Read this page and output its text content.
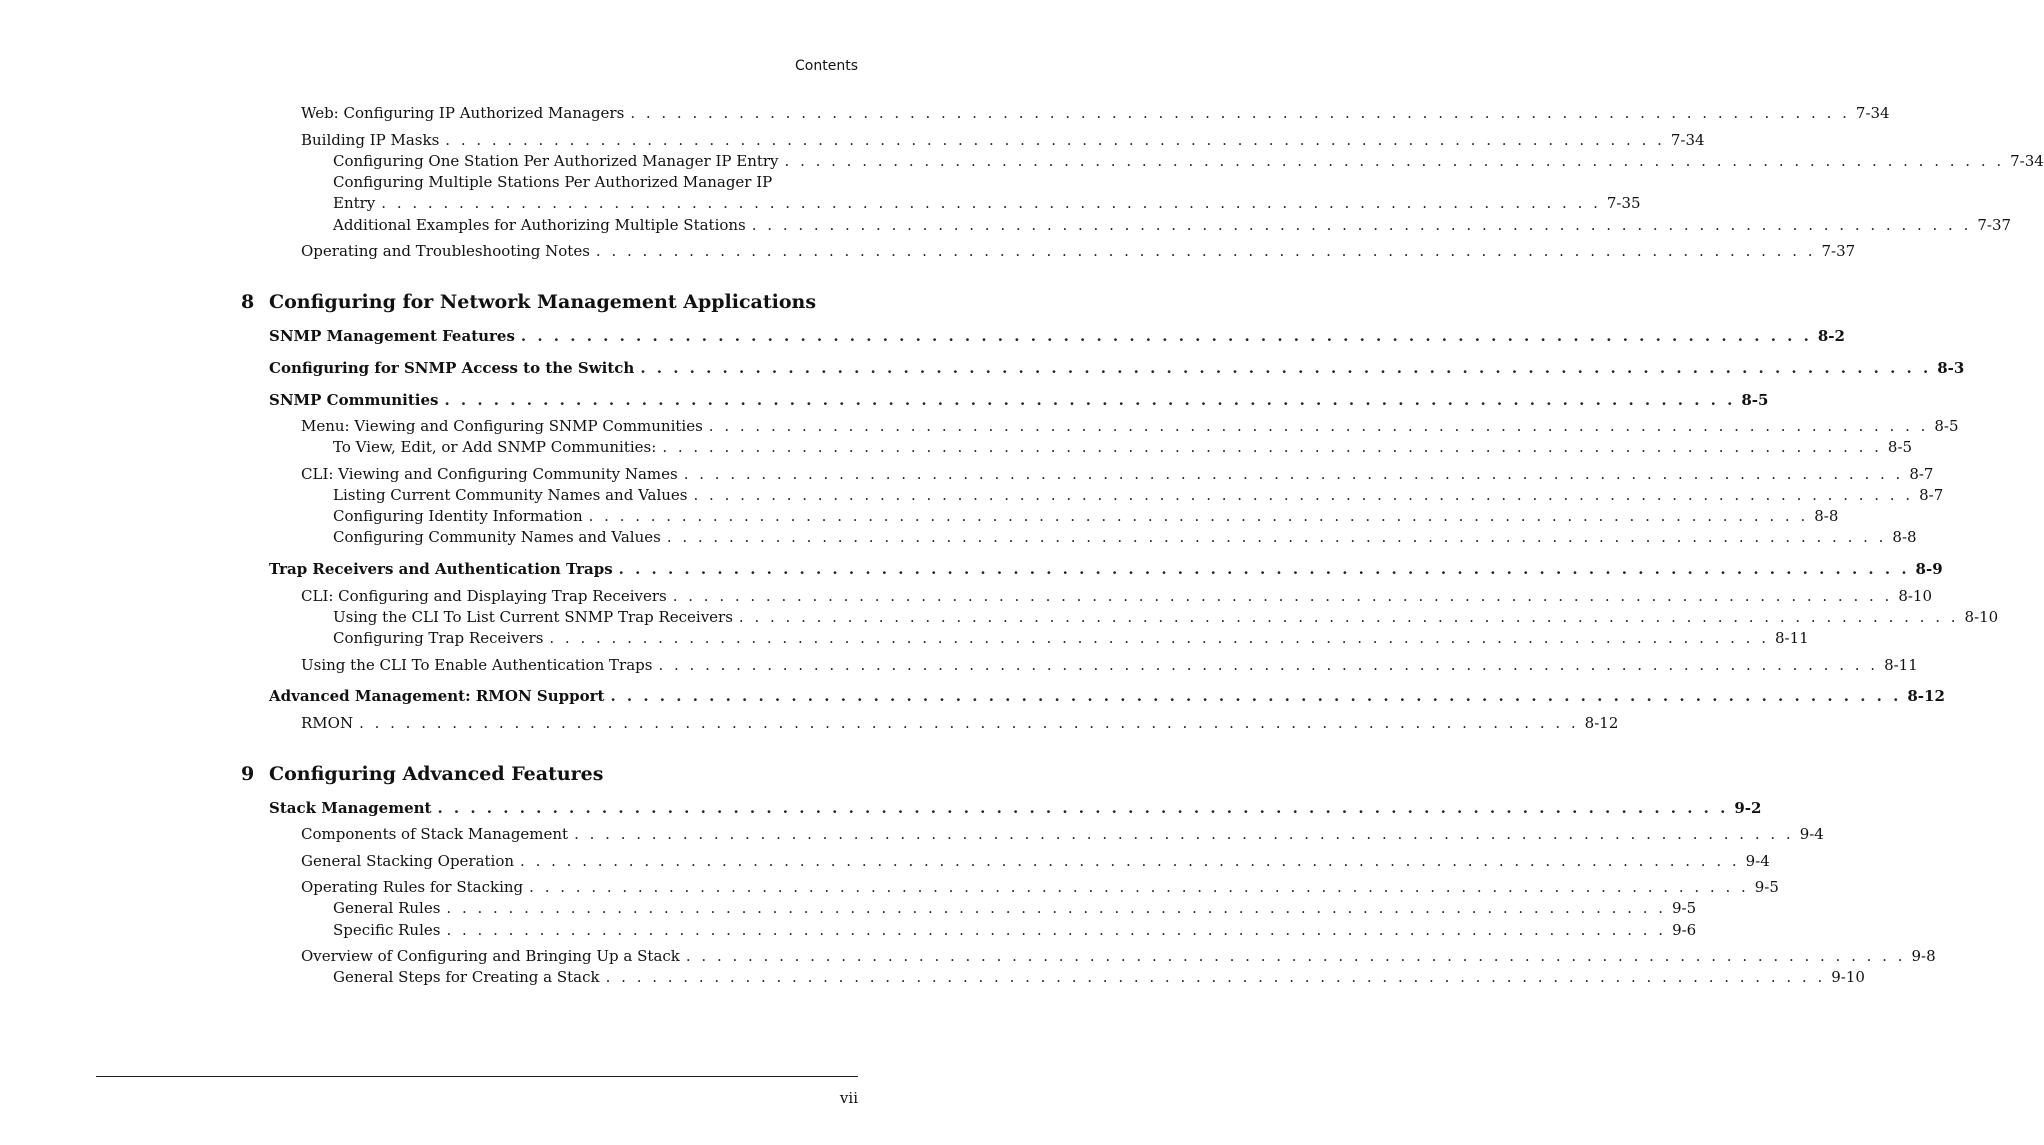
Contents
Web: Configuring IP Authorized Managers . . . . . . . . . . . . . . . . . . . . . . . . . . . . . . . . . . . . . . . . . . . . . . . . . . . . . . . . . . . . . . . . . . . . . . . . . . . . . . . 7-34
Building IP Masks . . . . . . . . . . . . . . . . . . . . . . . . . . . . . . . . . . . . . . . . . . . . . . . . . . . . . . . . . . . . . . . . . . . . . . . . . . . . . . . 7-34
Configuring One Station Per Authorized Manager IP Entry . . . . . . . . . . . . . . . . . . . . . . . . . . . . . . . . . . . . . . . . . . . . . . . . . . . . . . . . . . . . . . . . . . . . . . . . . . . . . . . 7-34
Configuring Multiple Stations Per Authorized Manager IP
Entry . . . . . . . . . . . . . . . . . . . . . . . . . . . . . . . . . . . . . . . . . . . . . . . . . . . . . . . . . . . . . . . . . . . . . . . . . . . . . . . 7-35
Additional Examples for Authorizing Multiple Stations . . . . . . . . . . . . . . . . . . . . . . . . . . . . . . . . . . . . . . . . . . . . . . . . . . . . . . . . . . . . . . . . . . . . . . . . . . . . . . . 7-37
Operating and Troubleshooting Notes . . . . . . . . . . . . . . . . . . . . . . . . . . . . . . . . . . . . . . . . . . . . . . . . . . . . . . . . . . . . . . . . . . . . . . . . . . . . . . . 7-37
8 Configuring for Network Management Applications
SNMP Management Features . . . . . . . . . . . . . . . . . . . . . . . . . . . . . . . . . . . . . . . . . . . . . . . . . . . . . . . . . . . . . . . . . . . . . . . . . . . . . . . 8-2
Configuring for SNMP Access to the Switch . . . . . . . . . . . . . . . . . . . . . . . . . . . . . . . . . . . . . . . . . . . . . . . . . . . . . . . . . . . . . . . . . . . . . . . . . . . . . . . 8-3
SNMP Communities . . . . . . . . . . . . . . . . . . . . . . . . . . . . . . . . . . . . . . . . . . . . . . . . . . . . . . . . . . . . . . . . . . . . . . . . . . . . . . . 8-5
Menu: Viewing and Configuring SNMP Communities . . . . . . . . . . . . . . . . . . . . . . . . . . . . . . . . . . . . . . . . . . . . . . . . . . . . . . . . . . . . . . . . . . . . . . . . . . . . . . . 8-5
To View, Edit, or Add SNMP Communities: . . . . . . . . . . . . . . . . . . . . . . . . . . . . . . . . . . . . . . . . . . . . . . . . . . . . . . . . . . . . . . . . . . . . . . . . . . . . . . . 8-5
CLI: Viewing and Configuring Community Names . . . . . . . . . . . . . . . . . . . . . . . . . . . . . . . . . . . . . . . . . . . . . . . . . . . . . . . . . . . . . . . . . . . . . . . . . . . . . . . 8-7
Listing Current Community Names and Values . . . . . . . . . . . . . . . . . . . . . . . . . . . . . . . . . . . . . . . . . . . . . . . . . . . . . . . . . . . . . . . . . . . . . . . . . . . . . . . 8-7
Configuring Identity Information . . . . . . . . . . . . . . . . . . . . . . . . . . . . . . . . . . . . . . . . . . . . . . . . . . . . . . . . . . . . . . . . . . . . . . . . . . . . . . . 8-8
Configuring Community Names and Values . . . . . . . . . . . . . . . . . . . . . . . . . . . . . . . . . . . . . . . . . . . . . . . . . . . . . . . . . . . . . . . . . . . . . . . . . . . . . . . 8-8
Trap Receivers and Authentication Traps . . . . . . . . . . . . . . . . . . . . . . . . . . . . . . . . . . . . . . . . . . . . . . . . . . . . . . . . . . . . . . . . . . . . . . . . . . . . . . . 8-9
CLI: Configuring and Displaying Trap Receivers . . . . . . . . . . . . . . . . . . . . . . . . . . . . . . . . . . . . . . . . . . . . . . . . . . . . . . . . . . . . . . . . . . . . . . . . . . . . . . . 8-10
Using the CLI To List Current SNMP Trap Receivers . . . . . . . . . . . . . . . . . . . . . . . . . . . . . . . . . . . . . . . . . . . . . . . . . . . . . . . . . . . . . . . . . . . . . . . . . . . . . . . 8-10
Configuring Trap Receivers . . . . . . . . . . . . . . . . . . . . . . . . . . . . . . . . . . . . . . . . . . . . . . . . . . . . . . . . . . . . . . . . . . . . . . . . . . . . . . . 8-11
Using the CLI To Enable Authentication Traps . . . . . . . . . . . . . . . . . . . . . . . . . . . . . . . . . . . . . . . . . . . . . . . . . . . . . . . . . . . . . . . . . . . . . . . . . . . . . . . 8-11
Advanced Management: RMON Support . . . . . . . . . . . . . . . . . . . . . . . . . . . . . . . . . . . . . . . . . . . . . . . . . . . . . . . . . . . . . . . . . . . . . . . . . . . . . . . 8-12
RMON . . . . . . . . . . . . . . . . . . . . . . . . . . . . . . . . . . . . . . . . . . . . . . . . . . . . . . . . . . . . . . . . . . . . . . . . . . . . . . . 8-12
9 Configuring Advanced Features
Stack Management . . . . . . . . . . . . . . . . . . . . . . . . . . . . . . . . . . . . . . . . . . . . . . . . . . . . . . . . . . . . . . . . . . . . . . . . . . . . . . . 9-2
Components of Stack Management . . . . . . . . . . . . . . . . . . . . . . . . . . . . . . . . . . . . . . . . . . . . . . . . . . . . . . . . . . . . . . . . . . . . . . . . . . . . . . . 9-4
General Stacking Operation . . . . . . . . . . . . . . . . . . . . . . . . . . . . . . . . . . . . . . . . . . . . . . . . . . . . . . . . . . . . . . . . . . . . . . . . . . . . . . . 9-4
Operating Rules for Stacking . . . . . . . . . . . . . . . . . . . . . . . . . . . . . . . . . . . . . . . . . . . . . . . . . . . . . . . . . . . . . . . . . . . . . . . . . . . . . . . 9-5
General Rules . . . . . . . . . . . . . . . . . . . . . . . . . . . . . . . . . . . . . . . . . . . . . . . . . . . . . . . . . . . . . . . . . . . . . . . . . . . . . . . 9-5
Specific Rules . . . . . . . . . . . . . . . . . . . . . . . . . . . . . . . . . . . . . . . . . . . . . . . . . . . . . . . . . . . . . . . . . . . . . . . . . . . . . . . 9-6
Overview of Configuring and Bringing Up a Stack . . . . . . . . . . . . . . . . . . . . . . . . . . . . . . . . . . . . . . . . . . . . . . . . . . . . . . . . . . . . . . . . . . . . . . . . . . . . . . . 9-8
General Steps for Creating a Stack . . . . . . . . . . . . . . . . . . . . . . . . . . . . . . . . . . . . . . . . . . . . . . . . . . . . . . . . . . . . . . . . . . . . . . . . . . . . . . . 9-10
vii
